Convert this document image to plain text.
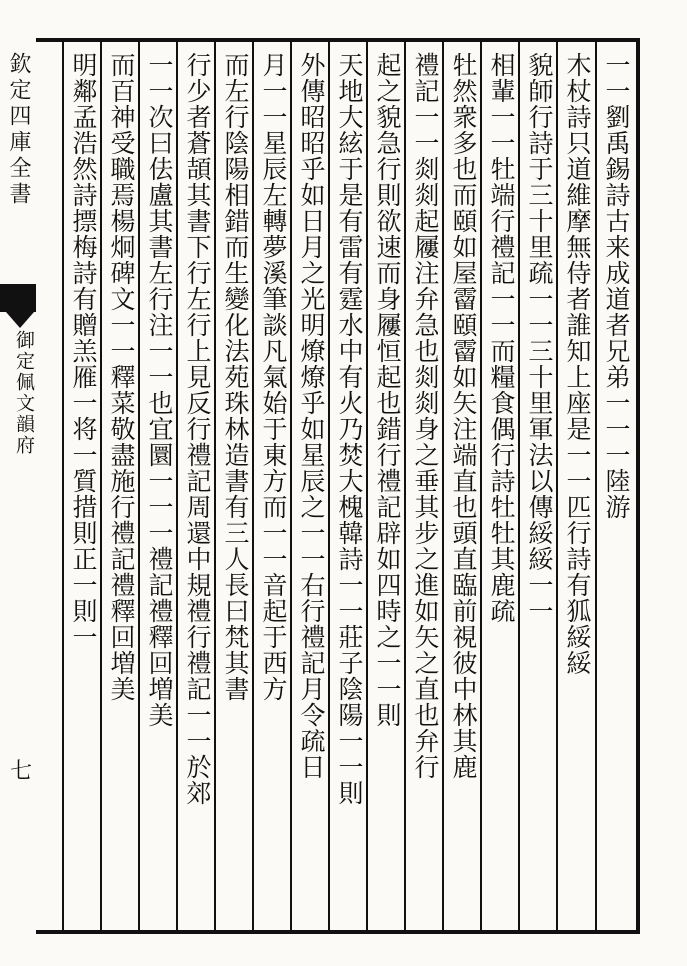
欽定四庫全書
御定佩文韻府
七
一一劉禹錫詩古来成道者兄弟一一一陸游
木杖詩只道維摩無侍者誰知上座是一一匹行詩有狐綏綏
貌師行詩于三十里疏一一三十里軍法以傳綏綏一一
相輩一一牡端行禮記一一而糧食偶行詩牡牡其鹿疏
牡然衆多也而頤如屋霤頤霤如矢注端直也頭直臨前視彼中林其鹿
禮記一一剡剡起屨注弁急也剡剡身之垂其步之進如矢之直也弁行
起之貌急行則欲速而身屨恒起也錯行禮記辟如四時之一一則
天地大絃于是有雷有霆水中有火乃焚大槐韓詩一一莊子陰陽一一則
外傳昭昭乎如日月之光明燎燎乎如星辰之一一右行禮記月令疏日
月一一星辰左轉夢溪筆談凡氣始于東方而一一音起于西方
而左行陰陽相錯而生變化法苑珠林造書有三人長曰梵其書
行少者蒼頡其書下行左行上見反行禮記周還中規禮行禮記一一於郊
一一次曰佉盧其書左行注一一也宜圜一一一禮記禮釋回増美
而百神受職焉楊炯碑文一一釋菜敬盡施行禮記禮釋回増美
明鄰孟浩然詩摽梅詩有贈羔雁一将一質措則正一則一
